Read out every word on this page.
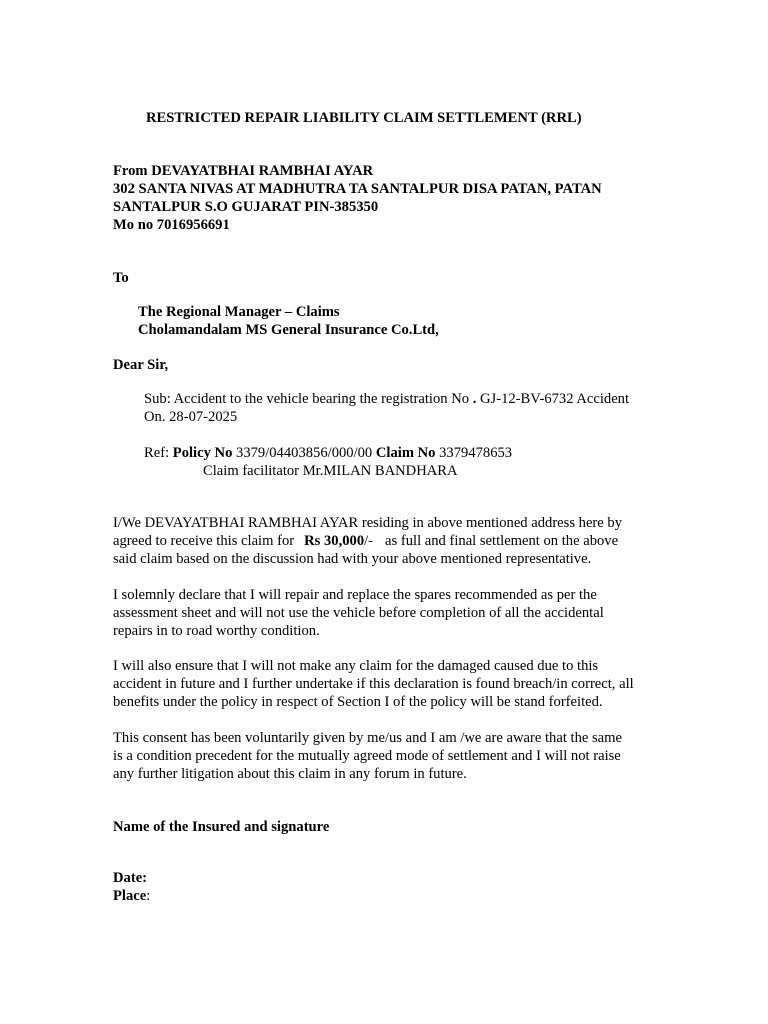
RESTRICTED REPAIR LIABILITY CLAIM SETTLEMENT (RRL)
From DEVAYATBHAI RAMBHAI AYAR
302 SANTA NIVAS AT MADHUTRA TA SANTALPUR DISA PATAN, PATAN
SANTALPUR S.O GUJARAT PIN-385350
Mo no 7016956691
To
The Regional Manager – Claims
Cholamandalam MS General Insurance Co.Ltd,
Dear Sir,
Sub: Accident to the vehicle bearing the registration No . GJ-12-BV-6732 Accident
On. 28-07-2025
Ref: Policy No 3379/04403856/000/00 Claim No 3379478653
Claim facilitator Mr.MILAN BANDHARA
I/We DEVAYATBHAI RAMBHAI AYAR residing in above mentioned address here by
agreed to receive this claim for Rs 30,000/- as full and final settlement on the above
said claim based on the discussion had with your above mentioned representative.
I solemnly declare that I will repair and replace the spares recommended as per the
assessment sheet and will not use the vehicle before completion of all the accidental
repairs in to road worthy condition.
I will also ensure that I will not make any claim for the damaged caused due to this
accident in future and I further undertake if this declaration is found breach/in correct, all
benefits under the policy in respect of Section I of the policy will be stand forfeited.
This consent has been voluntarily given by me/us and I am /we are aware that the same
is a condition precedent for the mutually agreed mode of settlement and I will not raise
any further litigation about this claim in any forum in future.
Name of the Insured and signature
Date:
Place:
